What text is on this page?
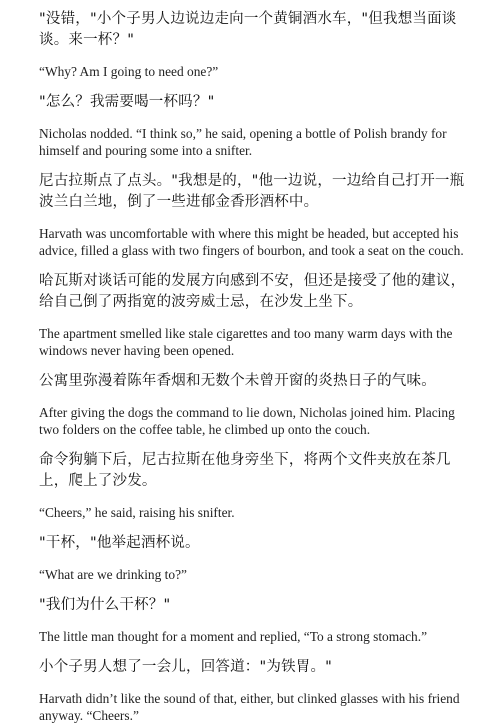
"没错，"小个子男人边说边走向一个黄铜酒水车，"但我想当面谈谈。来一杯？"

“Why? Am I going to need one?”

"怎么？我需要喝一杯吗？"

Nicholas nodded. “I think so,” he said, opening a bottle of Polish brandy for himself and pouring some into a snifter.

尼古拉斯点了点头。"我想是的，"他一边说，一边给自己打开一瓶波兰白兰地，倒了一些进郁金香形酒杯中。

Harvath was uncomfortable with where this might be headed, but accepted his advice, filled a glass with two fingers of bourbon, and took a seat on the couch.

哈瓦斯对谈话可能的发展方向感到不安，但还是接受了他的建议，给自己倒了两指宽的波旁威士忌，在沙发上坐下。

The apartment smelled like stale cigarettes and too many warm days with the windows never having been opened.

公寓里弥漫着陈年香烟和无数个未曾开窗的炎热日子的气味。

After giving the dogs the command to lie down, Nicholas joined him. Placing two folders on the coffee table, he climbed up onto the couch.

命令狗躺下后，尼古拉斯在他身旁坐下，将两个文件夹放在茶几上，爬上了沙发。

“Cheers,” he said, raising his snifter.

"干杯，"他举起酒杯说。

“What are we drinking to?”

"我们为什么干杯？"

The little man thought for a moment and replied, “To a strong stomach.”

小个子男人想了一会儿，回答道："为铁胃。"

Harvath didn’t like the sound of that, either, but clinked glasses with his friend anyway. “Cheers.”
